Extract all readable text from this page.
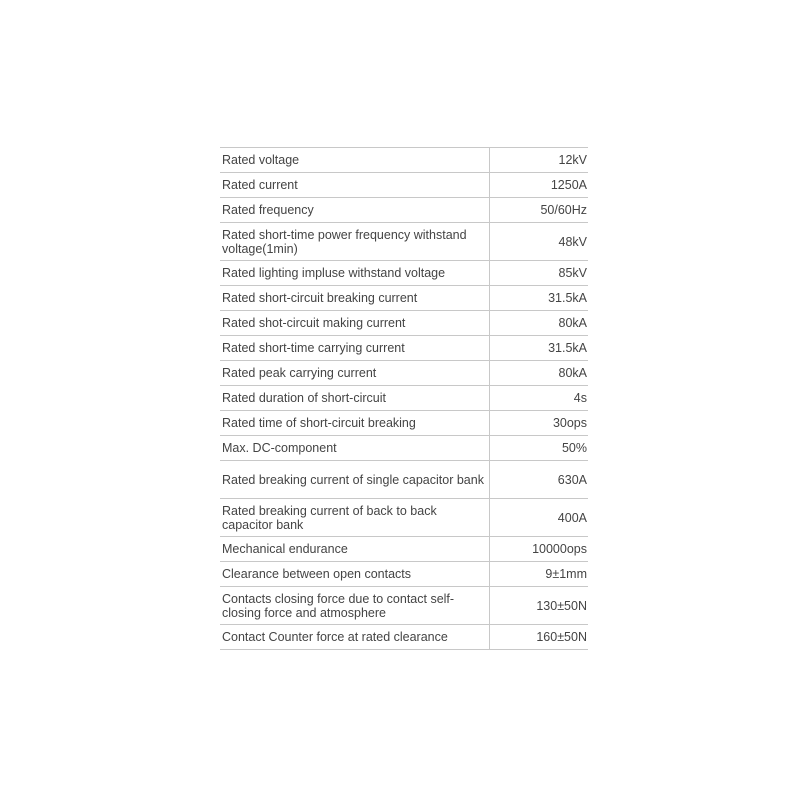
Rated voltage	12kV
Rated current	1250A
Rated frequency	50/60Hz
Rated short-time power frequency withstand voltage(1min)	48kV
Rated lighting impluse withstand voltage	85kV
Rated short-circuit breaking current	31.5kA
Rated shot-circuit making current	80kA
Rated short-time carrying current	31.5kA
Rated peak carrying current	80kA
Rated duration of short-circuit	4s
Rated time of short-circuit breaking	30ops
Max. DC-component	50%
Rated breaking current of single capacitor bank	630A
Rated breaking current of back to back capacitor bank	400A
Mechanical endurance	10000ops
Clearance between open contacts	9±1mm
Contacts closing force due to contact self-closing force and atmosphere	130±50N
Contact Counter force at rated clearance	160±50N
